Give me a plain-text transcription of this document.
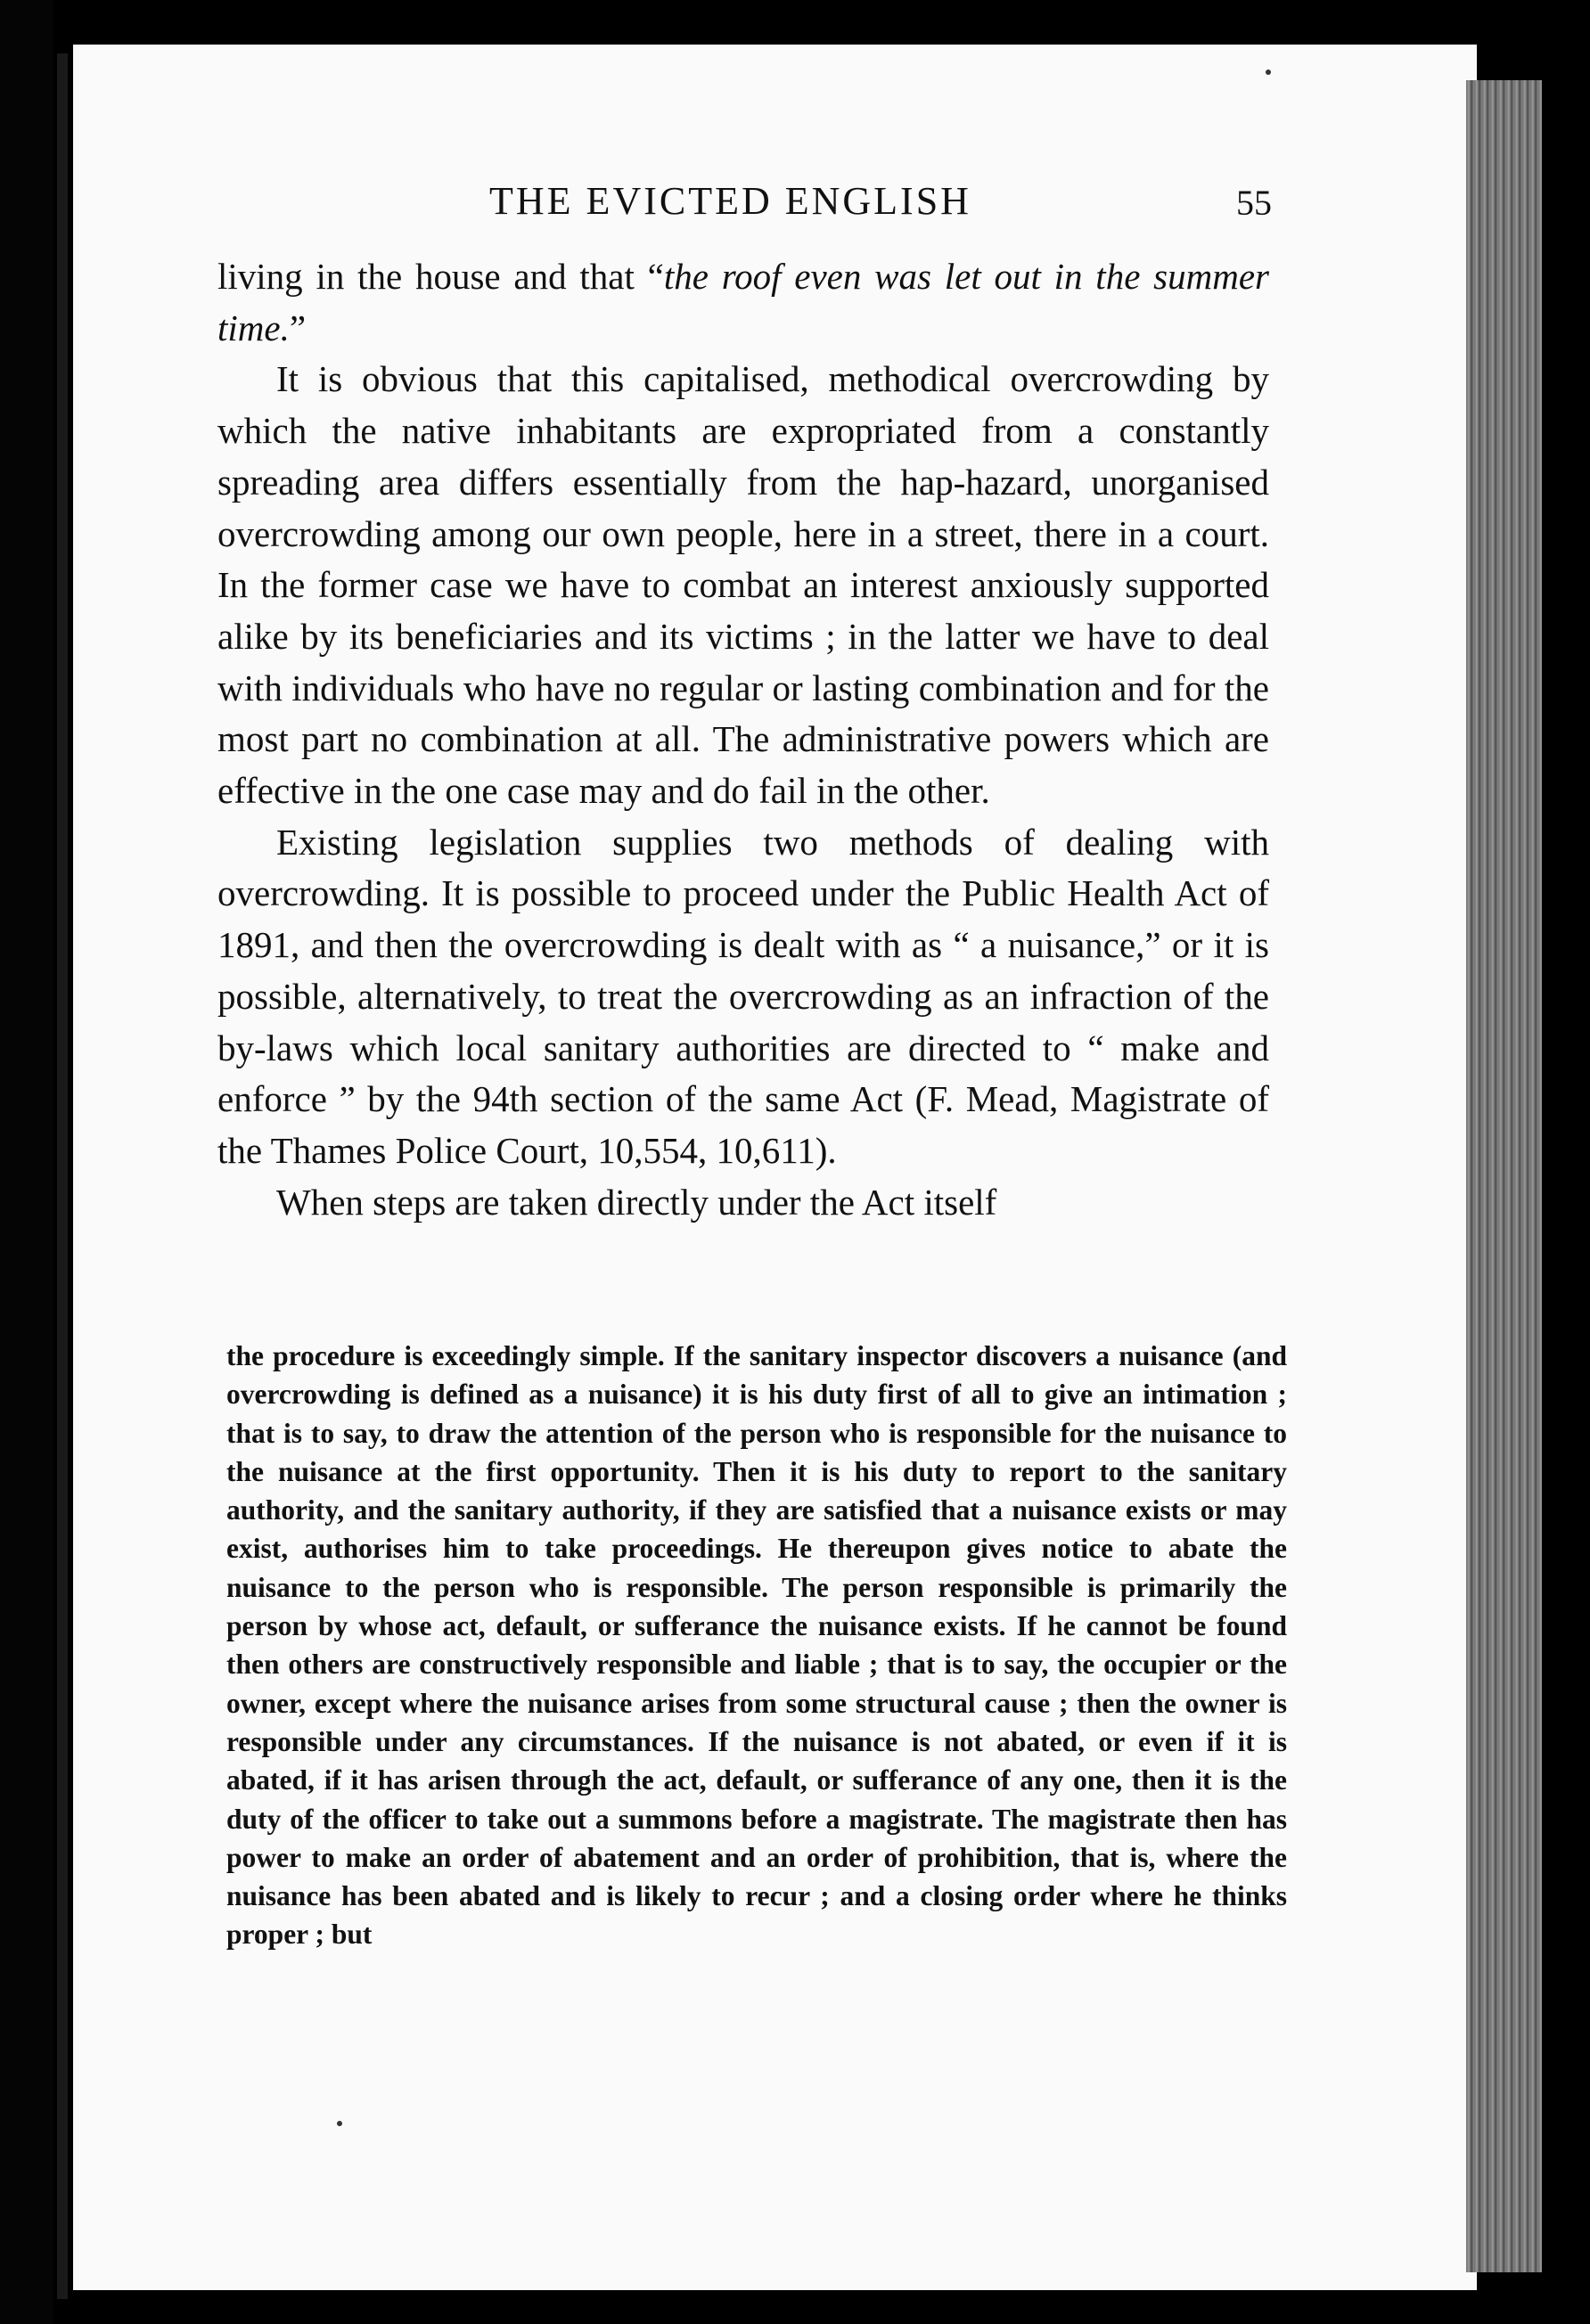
THE EVICTED ENGLISH	55

living in the house and that “the roof even was let out in the summer time.”

It is obvious that this capitalised, methodical overcrowding by which the native inhabitants are expropriated from a constantly spreading area differs essentially from the hap-hazard, unorganised overcrowding among our own people, here in a street, there in a court. In the former case we have to combat an interest anxiously supported alike by its beneficiaries and its victims ; in the latter we have to deal with individuals who have no regular or lasting combination and for the most part no combination at all. The administrative powers which are effective in the one case may and do fail in the other.

Existing legislation supplies two methods of dealing with overcrowding. It is possible to proceed under the Public Health Act of 1891, and then the overcrowding is dealt with as “ a nuisance,” or it is possible, alternatively, to treat the overcrowding as an infraction of the by-laws which local sanitary authorities are directed to “ make and enforce ” by the 94th section of the same Act (F. Mead, Magistrate of the Thames Police Court, 10,554, 10,611).

When steps are taken directly under the Act itself

the procedure is exceedingly simple. If the sanitary inspector discovers a nuisance (and overcrowding is defined as a nuisance) it is his duty first of all to give an intimation ; that is to say, to draw the attention of the person who is responsible for the nuisance to the nuisance at the first opportunity. Then it is his duty to report to the sanitary authority, and the sanitary authority, if they are satisfied that a nuisance exists or may exist, authorises him to take proceedings. He thereupon gives notice to abate the nuisance to the person who is responsible. The person responsible is primarily the person by whose act, default, or sufferance the nuisance exists. If he cannot be found then others are constructively responsible and liable ; that is to say, the occupier or the owner, except where the nuisance arises from some structural cause ; then the owner is responsible under any circumstances. If the nuisance is not abated, or even if it is abated, if it has arisen through the act, default, or sufferance of any one, then it is the duty of the officer to take out a summons before a magistrate. The magistrate then has power to make an order of abatement and an order of prohibition, that is, where the nuisance has been abated and is likely to recur ; and a closing order where he thinks proper ; but
